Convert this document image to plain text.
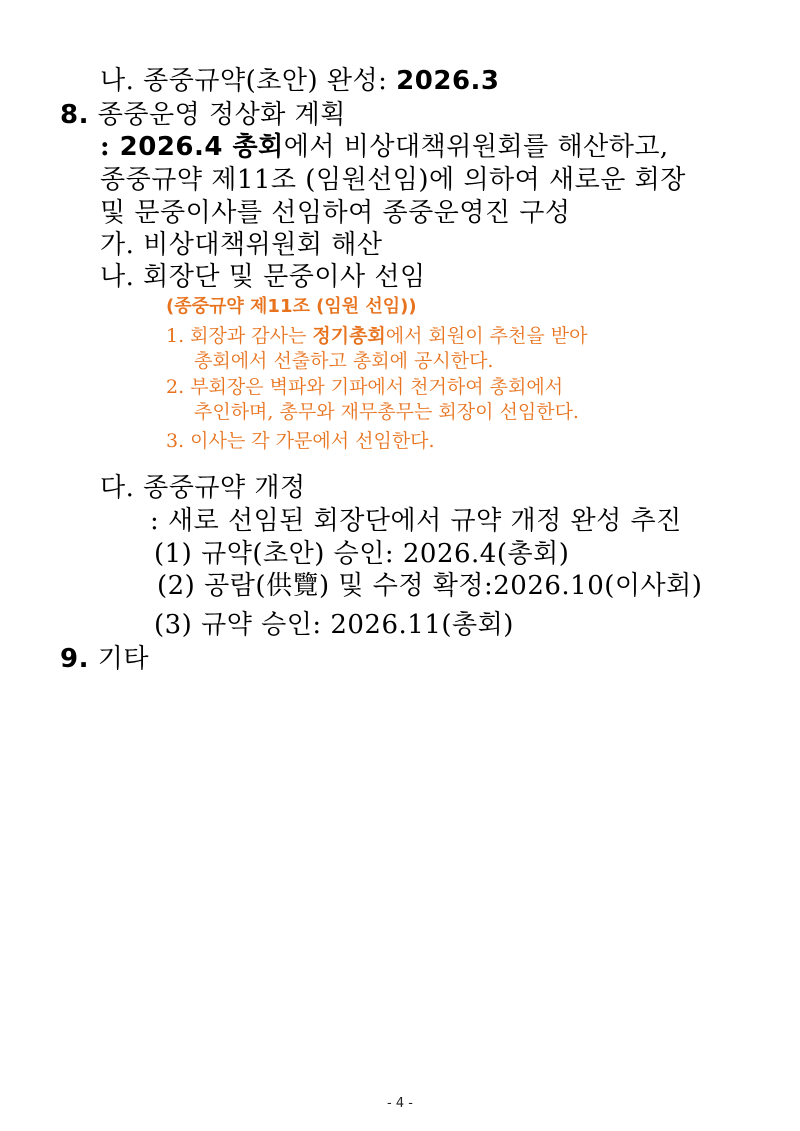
나. 종중규약(초안) 완성: 2026.3
8. 종중운영 정상화 계획
: 2026.4 총회에서 비상대책위원회를 해산하고,
종중규약 제11조 (임원선임)에 의하여 새로운 회장
및 문중이사를 선임하여 종중운영진 구성
가. 비상대책위원회 해산
나. 회장단 및 문중이사 선임
(종중규약 제11조 (임원 선임))
1. 회장과 감사는 정기총회에서 회원이 추천을 받아
총회에서 선출하고 총회에 공시한다.
2. 부회장은 벽파와 기파에서 천거하여 총회에서
추인하며, 총무와 재무총무는 회장이 선임한다.
3. 이사는 각 가문에서 선임한다.
다. 종중규약 개정
: 새로 선임된 회장단에서 규약 개정 완성 추진
(1) 규약(초안) 승인: 2026.4(총회)
(2) 공람(供覽) 및 수정 확정:2026.10(이사회)
(3) 규약 승인: 2026.11(총회)
9. 기타
- 4 -
